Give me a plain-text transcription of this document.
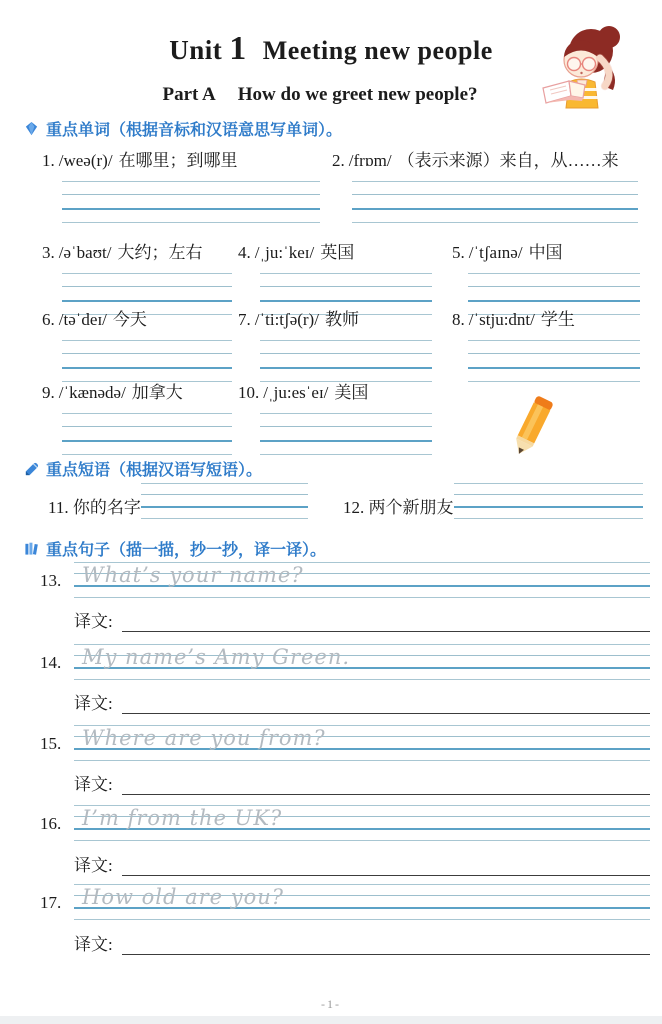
Unit 1 Meeting new people
Part A How do we greet new people?
重点单词（根据音标和汉语意思写单词）。
1. /weə(r)/ 在哪里；到哪里	2. /frɒm/ （表示来源）来自，从……来
3. /əˈbaʊt/ 大约；左右	4. /ˌju:ˈkeɪ/ 英国	5. /ˈtʃaɪnə/ 中国
6. /təˈdeɪ/ 今天	7. /ˈti:tʃə(r)/ 教师	8. /ˈstju:dnt/ 学生
9. /ˈkænədə/ 加拿大	10. /ˌju:esˈeɪ/ 美国
重点短语（根据汉语写短语）。
11. 你的名字	12. 两个新朋友
重点句子（描一描，抄一抄，译一译）。
13. What’s your name?
译文:
14. My name’s Amy Green.
译文:
15. Where are you from?
译文:
16. I’m from the UK?
译文:
17. How old are you?
译文:
-1-
